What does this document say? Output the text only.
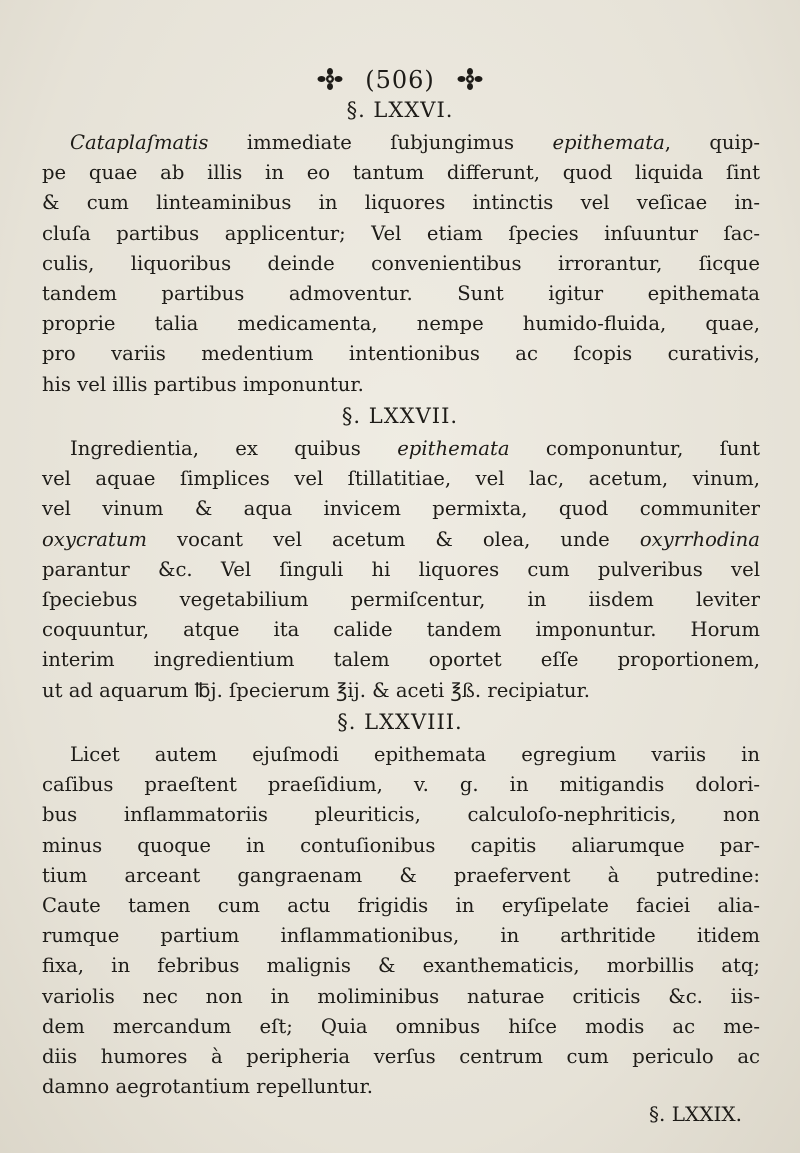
(506)
§. LXXVI.
Cataplaſmatis immediate ſubjungimus epithemata, quip-
pe quae ab illis in eo tantum differunt, quod liquida ſint
& cum linteaminibus in liquores intinctis vel veſicae in-
cluſa partibus applicentur; Vel etiam ſpecies inſuuntur ſac-
culis, liquoribus deinde convenientibus irrorantur, ſicque
tandem partibus admoventur. Sunt igitur epithemata
proprie talia medicamenta, nempe humido-fluida, quae,
pro variis medentium intentionibus ac ſcopis curativis,
his vel illis partibus imponuntur.
§. LXXVII.
Ingredientia, ex quibus epithemata componuntur, ſunt
vel aquae ſimplices vel ſtillatitiae, vel lac, acetum, vinum,
vel vinum & aqua invicem permixta, quod communiter
oxycratum vocant vel acetum & olea, unde oxyrrhodina
parantur &c. Vel ſinguli hi liquores cum pulveribus vel
ſpeciebus vegetabilium permiſcentur, in iisdem leviter
coquuntur, atque ita calide tandem imponuntur. Horum
interim ingredientium talem oportet eſſe proportionem,
ut ad aquarum ℔j. ſpecierum ℥ij. & aceti ℥ß. recipiatur.
§. LXXVIII.
Licet autem ejuſmodi epithemata egregium variis in
caſibus praeſtent praeſidium, v. g. in mitigandis dolori-
bus inflammatoriis pleuriticis, calculoſo-nephriticis, non
minus quoque in contuſionibus capitis aliarumque par-
tium arceant gangraenam & praefervent à putredine:
Caute tamen cum actu frigidis in eryſipelate faciei alia-
rumque partium inflammationibus, in arthritide itidem
fixa, in febribus malignis & exanthematicis, morbillis atq;
variolis nec non in moliminibus naturae criticis &c. iis-
dem mercandum eſt; Quia omnibus hiſce modis ac me-
diis humores à peripheria verſus centrum cum periculo ac
damno aegrotantium repelluntur.
§. LXXIX.
